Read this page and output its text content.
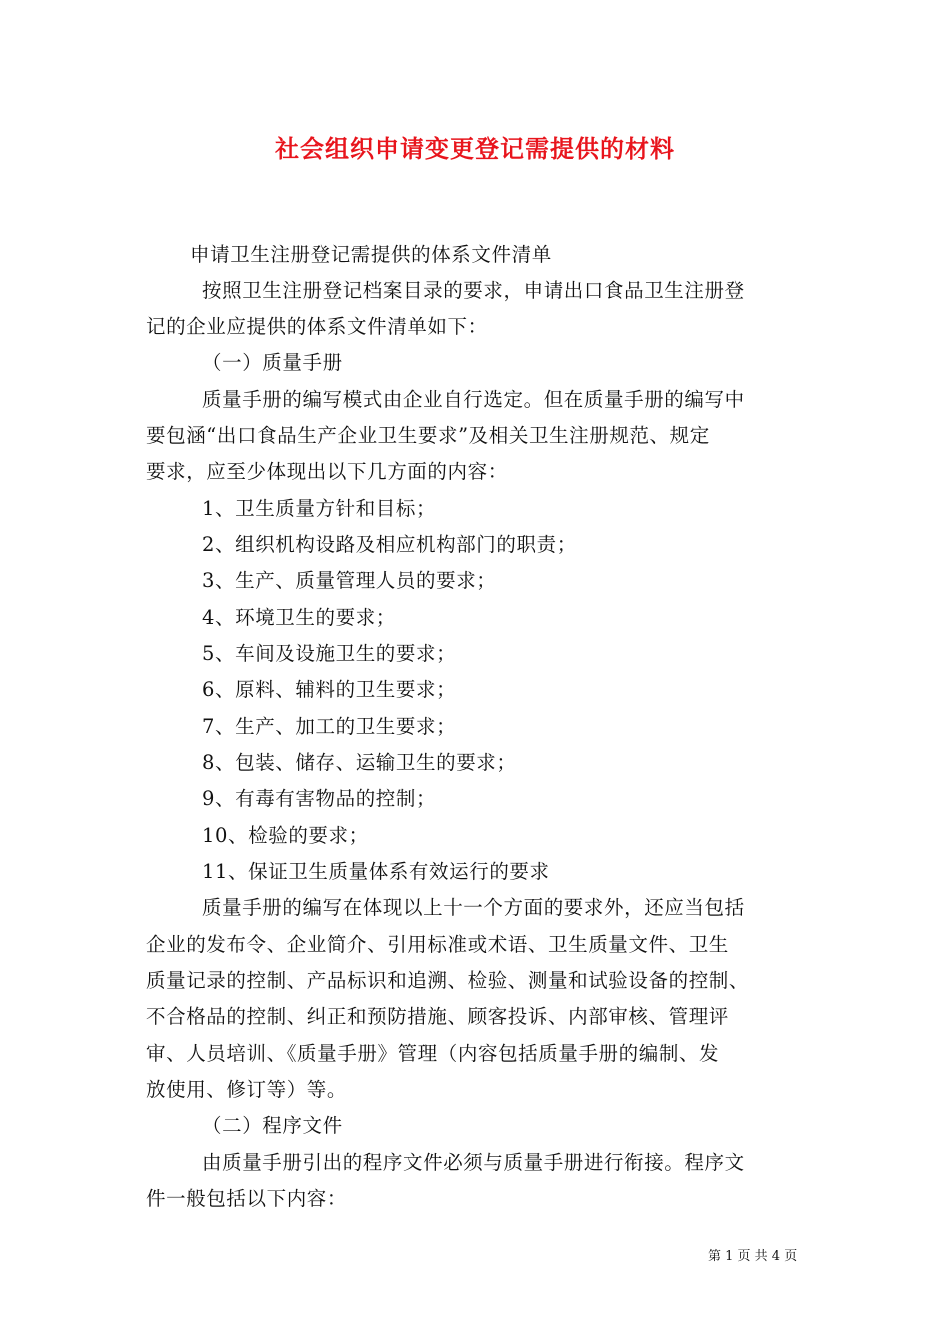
社会组织申请变更登记需提供的材料
申请卫生注册登记需提供的体系文件清单
按照卫生注册登记档案目录的要求，申请出口食品卫生注册登
记的企业应提供的体系文件清单如下：
（一）质量手册
质量手册的编写模式由企业自行选定。但在质量手册的编写中
要包涵“出口食品生产企业卫生要求”及相关卫生注册规范、规定
要求，应至少体现出以下几方面的内容：
1、卫生质量方针和目标；
2、组织机构设路及相应机构部门的职责；
3、生产、质量管理人员的要求；
4、环境卫生的要求；
5、车间及设施卫生的要求；
6、原料、辅料的卫生要求；
7、生产、加工的卫生要求；
8、包装、储存、运输卫生的要求；
9、有毒有害物品的控制；
10、检验的要求；
11、保证卫生质量体系有效运行的要求
质量手册的编写在体现以上十一个方面的要求外，还应当包括
企业的发布令、企业简介、引用标准或术语、卫生质量文件、卫生
质量记录的控制、产品标识和追溯、检验、测量和试验设备的控制、
不合格品的控制、纠正和预防措施、顾客投诉、内部审核、管理评
审、人员培训、《质量手册》管理（内容包括质量手册的编制、发
放使用、修订等）等。
（二）程序文件
由质量手册引出的程序文件必须与质量手册进行衔接。程序文
件一般包括以下内容：
第 1 页 共 4 页
